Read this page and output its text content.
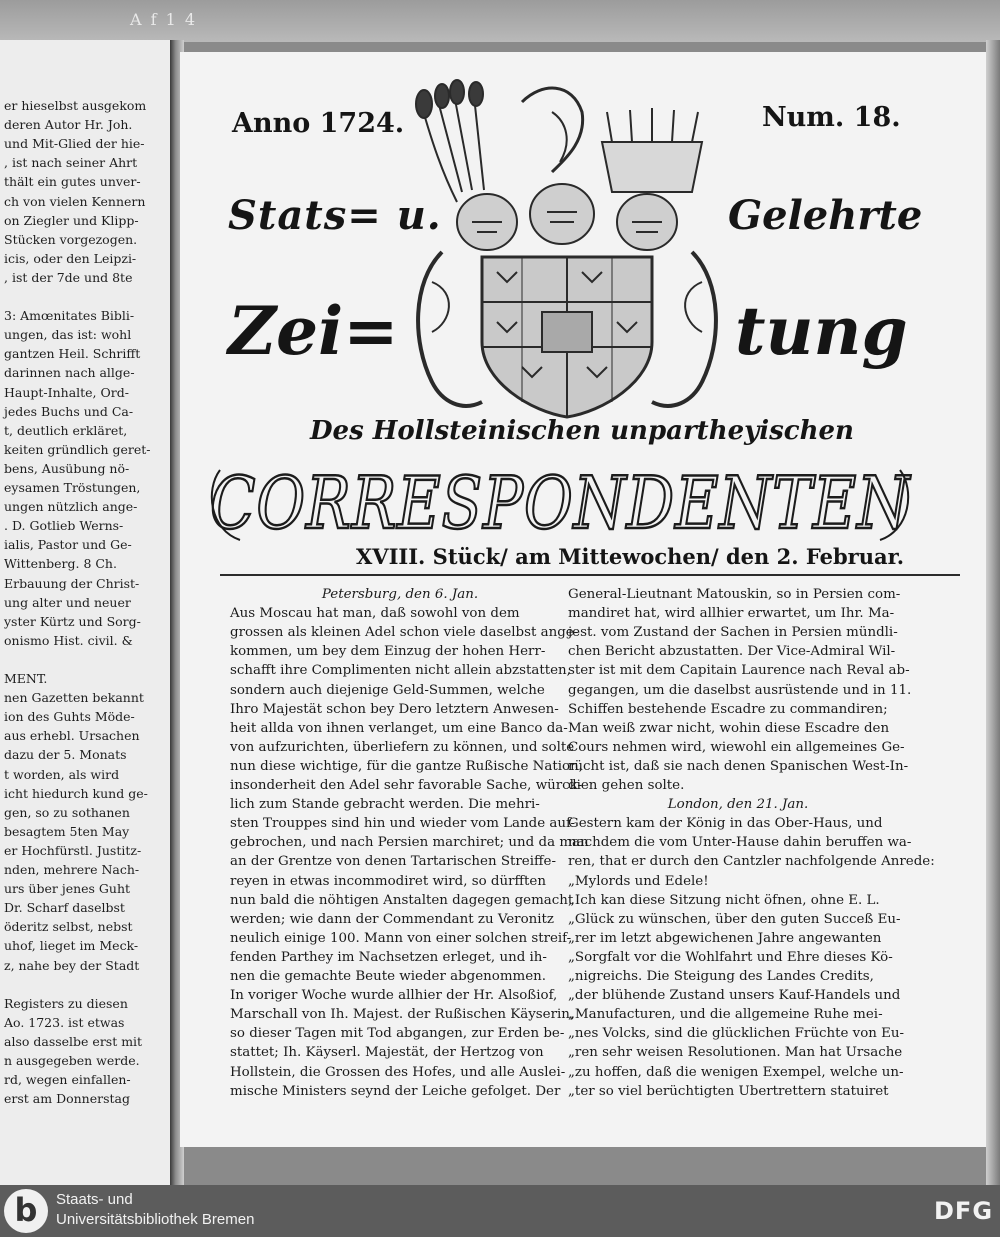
A f 1 4
er hieselbst ausgekom
deren Autor Hr. Joh.
und Mit-Glied der hie-
, ist nach seiner Ahrt
thält ein gutes unver-
ch von vielen Kennern
on Ziegler und Klipp-
Stücken vorgezogen.
icis, oder den Leipzi-
, ist der 7de und 8te
3: Amœnitates Bibli-
ungen, das ist: wohl
gantzen Heil. Schrifft
darinnen nach allge-
Haupt-Inhalte, Ord-
jedes Buchs und Ca-
t, deutlich erkläret,
keiten gründlich geret-
bens, Ausübung nö-
eysamen Tröstungen,
ungen nützlich ange-
. D. Gotlieb Werns-
ialis, Pastor und Ge-
Wittenberg. 8 Ch.
Erbauung der Christ-
ung alter und neuer
yster Kürtz und Sorg-
onismo Hist. civil. &
MENT.
nen Gazetten bekannt
ion des Guhts Möde-
aus erhebl. Ursachen
dazu der 5. Monats
t worden, als wird
icht hiedurch kund ge-
gen, so zu sothanen
besagtem 5ten May
er Hochfürstl. Justitz-
nden, mehrere Nach-
urs über jenes Guht
Dr. Scharf daselbst
öderitz selbst, nebst
uhof, lieget im Meck-
z, nahe bey der Stadt
Registers zu diesen
Ao. 1723. ist etwas
also dasselbe erst mit
n ausgegeben werde.
rd, wegen einfallen-
erst am Donnerstag
Anno 1724.	Num. 18.
Stats= u.	Gelehrte
Zei=	tung
Des Hollsteinischen unpartheyischen
CORRESPONDENTEN
XVIII. Stück/ am Mittewochen/ den 2. Februar.
Petersburg, den 6. Jan.
Aus Moscau hat man, daß sowohl von dem
grossen als kleinen Adel schon viele daselbst ange-
kommen, um bey dem Einzug der hohen Herr-
schafft ihre Complimenten nicht allein abzstatten,
sondern auch diejenige Geld-Summen, welche
Ihro Majestät schon bey Dero letztern Anwesen-
heit allda von ihnen verlanget, um eine Banco da-
von aufzurichten, überliefern zu können, und solte
nun diese wichtige, für die gantze Rußische Nation,
insonderheit den Adel sehr favorable Sache, würck-
lich zum Stande gebracht werden. Die mehri-
sten Trouppes sind hin und wieder vom Lande auf-
gebrochen, und nach Persien marchiret; und da man
an der Grentze von denen Tartarischen Streiffe-
reyen in etwas incommodiret wird, so dürfften
nun bald die nöhtigen Anstalten dagegen gemacht
werden; wie dann der Commendant zu Veronitz
neulich einige 100. Mann von einer solchen streif-
fenden Parthey im Nachsetzen erleget, und ih-
nen die gemachte Beute wieder abgenommen.
In voriger Woche wurde allhier der Hr. Alsoßiof,
Marschall von Ih. Majest. der Rußischen Käyserin,
so dieser Tagen mit Tod abgangen, zur Erden be-
stattet; Ih. Käyserl. Majestät, der Hertzog von
Hollstein, die Grossen des Hofes, und alle Auslei-
mische Ministers seynd der Leiche gefolget. Der
General-Lieutnant Matouskin, so in Persien com-
mandiret hat, wird allhier erwartet, um Ihr. Ma-
jest. vom Zustand der Sachen in Persien mündli-
chen Bericht abzustatten. Der Vice-Admiral Wil-
ster ist mit dem Capitain Laurence nach Reval ab-
gegangen, um die daselbst ausrüstende und in 11.
Schiffen bestehende Escadre zu commandiren;
Man weiß zwar nicht, wohin diese Escadre den
Cours nehmen wird, wiewohl ein allgemeines Ge-
rücht ist, daß sie nach denen Spanischen West-In-
dien gehen solte.
London, den 21. Jan.
Gestern kam der König in das Ober-Haus, und
nachdem die vom Unter-Hause dahin beruffen wa-
ren, that er durch den Cantzler nachfolgende Anrede:
„Mylords und Edele!
„Ich kan diese Sitzung nicht öfnen, ohne E. L.
„Glück zu wünschen, über den guten Succeß Eu-
„rer im letzt abgewichenen Jahre angewanten
„Sorgfalt vor die Wohlfahrt und Ehre dieses Kö-
„nigreichs. Die Steigung des Landes Credits,
„der blühende Zustand unsers Kauf-Handels und
„Manufacturen, und die allgemeine Ruhe mei-
„nes Volcks, sind die glücklichen Früchte von Eu-
„ren sehr weisen Resolutionen. Man hat Ursache
„zu hoffen, daß die wenigen Exempel, welche un-
„ter so viel berüchtigten Ubertrettern statuiret
b	Staats- und
Universitätsbibliothek Bremen	DFG
